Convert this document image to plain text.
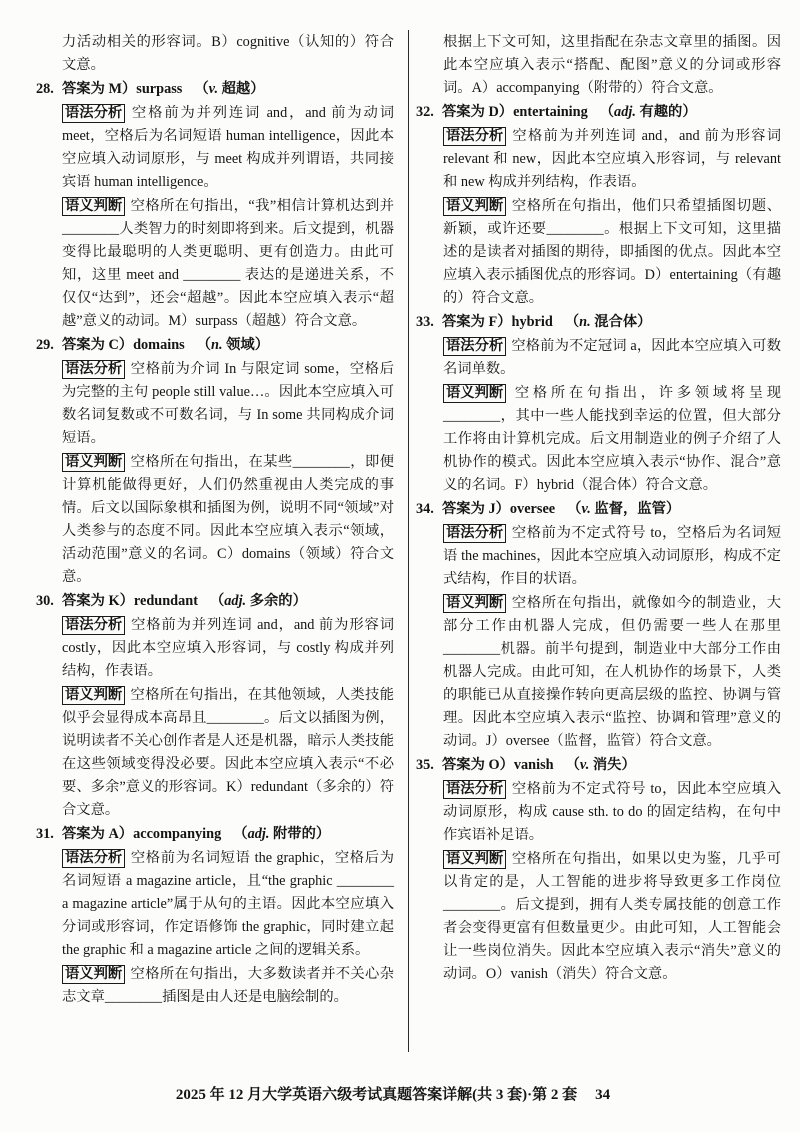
力活动相关的形容词。B）cognitive（认知的）符合文意。

28. 答案为 M）surpass （v. 超越）

语法分析 空格前为并列连词 and，and 前为动词 meet，空格后为名词短语 human intelligence，因此本空应填入动词原形，与 meet 构成并列谓语，共同接宾语 human intelligence。

语义判断 空格所在句指出，“我”相信计算机达到并________人类智力的时刻即将到来。后文提到，机器变得比最聪明的人类更聪明、更有创造力。由此可知，这里 meet and ________ 表达的是递进关系，不仅仅“达到”，还会“超越”。因此本空应填入表示“超越”意义的动词。M）surpass（超越）符合文意。

29. 答案为 C）domains （n. 领域）

语法分析 空格前为介词 In 与限定词 some，空格后为完整的主句 people still value…。因此本空应填入可数名词复数或不可数名词，与 In some 共同构成介词短语。

语义判断 空格所在句指出，在某些________，即便计算机能做得更好，人们仍然重视由人类完成的事情。后文以国际象棋和插图为例，说明不同“领域”对人类参与的态度不同。因此本空应填入表示“领域，活动范围”意义的名词。C）domains（领域）符合文意。

30. 答案为 K）redundant （adj. 多余的）

语法分析 空格前为并列连词 and，and 前为形容词 costly，因此本空应填入形容词，与 costly 构成并列结构，作表语。

语义判断 空格所在句指出，在其他领域，人类技能似乎会显得成本高昂且________。后文以插图为例，说明读者不关心创作者是人还是机器，暗示人类技能在这些领域变得没必要。因此本空应填入表示“不必要、多余”意义的形容词。K）redundant（多余的）符合文意。

31. 答案为 A）accompanying （adj. 附带的）

语法分析 空格前为名词短语 the graphic，空格后为名词短语 a magazine article，且“the graphic ________ a magazine article”属于从句的主语。因此本空应填入分词或形容词，作定语修饰 the graphic，同时建立起 the graphic 和 a magazine article 之间的逻辑关系。

语义判断 空格所在句指出，大多数读者并不关心杂志文章________插图是由人还是电脑绘制的。

根据上下文可知，这里指配在杂志文章里的插图。因此本空应填入表示“搭配、配图”意义的分词或形容词。A）accompanying（附带的）符合文意。

32. 答案为 D）entertaining （adj. 有趣的）

语法分析 空格前为并列连词 and，and 前为形容词 relevant 和 new，因此本空应填入形容词，与 relevant 和 new 构成并列结构，作表语。

语义判断 空格所在句指出，他们只希望插图切题、新颖，或许还要________。根据上下文可知，这里描述的是读者对插图的期待，即插图的优点。因此本空应填入表示插图优点的形容词。D）entertaining（有趣的）符合文意。

33. 答案为 F）hybrid （n. 混合体）

语法分析 空格前为不定冠词 a，因此本空应填入可数名词单数。

语义判断 空格所在句指出，许多领域将呈现________，其中一些人能找到幸运的位置，但大部分工作将由计算机完成。后文用制造业的例子介绍了人机协作的模式。因此本空应填入表示“协作、混合”意义的名词。F）hybrid（混合体）符合文意。

34. 答案为 J）oversee （v. 监督，监管）

语法分析 空格前为不定式符号 to，空格后为名词短语 the machines，因此本空应填入动词原形，构成不定式结构，作目的状语。

语义判断 空格所在句指出，就像如今的制造业，大部分工作由机器人完成，但仍需要一些人在那里________机器。前半句提到，制造业中大部分工作由机器人完成。由此可知，在人机协作的场景下，人类的职能已从直接操作转向更高层级的监控、协调与管理。因此本空应填入表示“监控、协调和管理”意义的动词。J）oversee（监督，监管）符合文意。

35. 答案为 O）vanish （v. 消失）

语法分析 空格前为不定式符号 to，因此本空应填入动词原形，构成 cause sth. to do 的固定结构，在句中作宾语补足语。

语义判断 空格所在句指出，如果以史为鉴，几乎可以肯定的是，人工智能的进步将导致更多工作岗位________。后文提到，拥有人类专属技能的创意工作者会变得更富有但数量更少。由此可知，人工智能会让一些岗位消失。因此本空应填入表示“消失”意义的动词。O）vanish（消失）符合文意。

2025 年 12 月大学英语六级考试真题答案详解(共 3 套)·第 2 套 34
